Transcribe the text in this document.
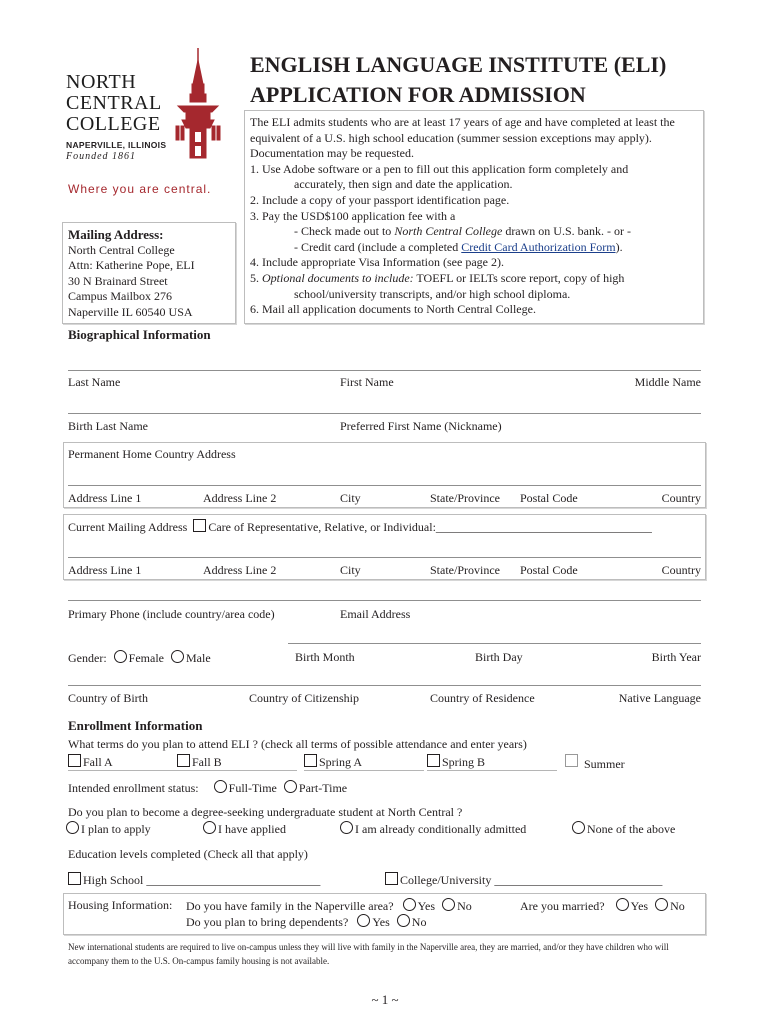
NORTH
CENTRAL
COLLEGE
NAPERVILLE, ILLINOIS
Founded 1861
Where you are central.
ENGLISH LANGUAGE INSTITUTE (ELI)
APPLICATION FOR ADMISSION
The ELI admits students who are at least 17 years of age and have completed at least the equivalent of a U.S. high school education (summer session exceptions may apply). Documentation may be requested.
1. Use Adobe software or a pen to fill out this application form completely and
accurately, then sign and date the application.
2. Include a copy of your passport identification page.
3. Pay the USD$100 application fee with a
- Check made out to North Central College drawn on U.S. bank. - or -
- Credit card (include a completed Credit Card Authorization Form).
4. Include appropriate Visa Information (see page 2).
5. Optional documents to include: TOEFL or IELTs score report, copy of high
school/university transcripts, and/or high school diploma.
6. Mail all application documents to North Central College.
Mailing Address:
North Central College
Attn: Katherine Pope, ELI
30 N Brainard Street
Campus Mailbox 276
Naperville IL 60540 USA
Biographical Information
Last Name	First Name	Middle Name
Birth Last Name	Preferred First Name (Nickname)
Permanent Home Country Address
Address Line 1	Address Line 2	City	State/Province Postal Code	Country
Current Mailing Address Care of Representative, Relative, or Individual:____________________________________
Address Line 1	Address Line 2	City	State/Province Postal Code	Country
Primary Phone (include country/area code)	Email Address
Gender: Female Male	Birth Month	Birth Day	Birth Year
Country of Birth	Country of Citizenship	Country of Residence	Native Language
Enrollment Information
What terms do you plan to attend ELI ? (check all terms of possible attendance and enter years)
Fall A	Fall B	Spring A	Spring B	Summer
Intended enrollment status:	Full-Time Part-Time
Do you plan to become a degree-seeking undergraduate student at North Central ?
I plan to apply	I have applied	I am already conditionally admitted	None of the above
Education levels completed (Check all that apply)
High School _____________________________	College/University ____________________________
Housing Information: Do you have family in the Naperville area? Yes No	Are you married? Yes No
Do you plan to bring dependents? Yes No
New international students are required to live on-campus unless they will live with family in the Naperville area, they are married, and/or they have children who will accompany them to the U.S. On-campus family housing is not available.
~ 1 ~
